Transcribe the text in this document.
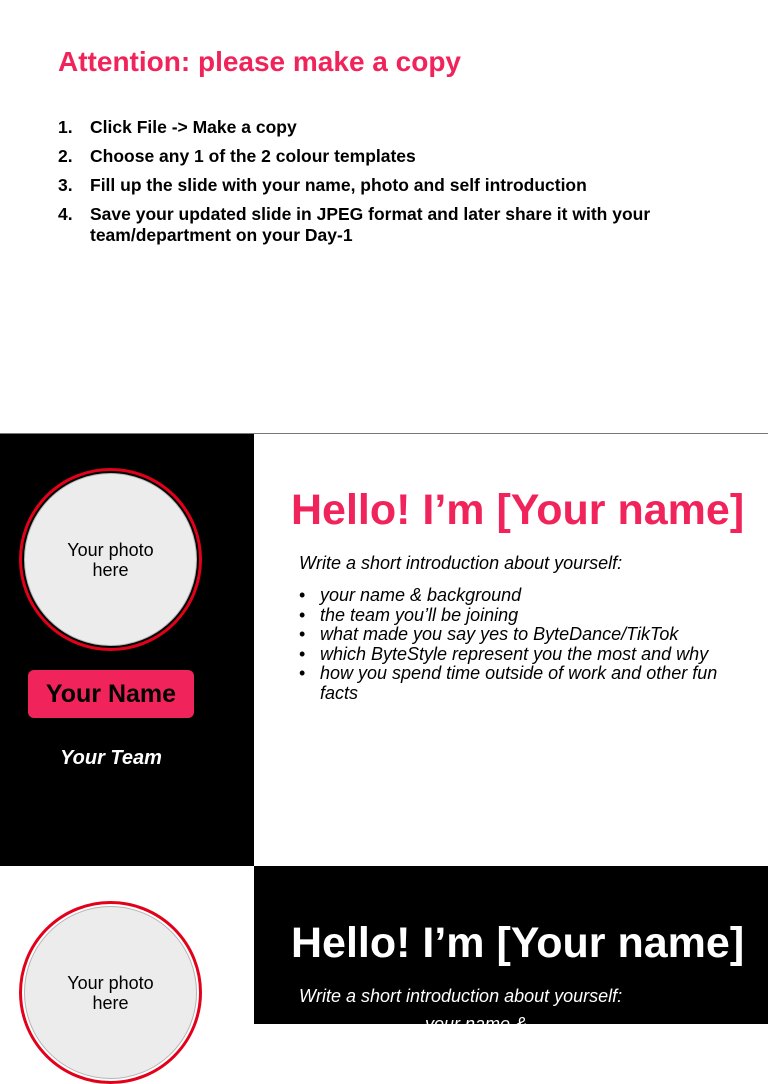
Attention: please make a copy
1. Click File -> Make a copy
2. Choose any 1 of the 2 colour templates
3. Fill up the slide with your name, photo and self introduction
4. Save your updated slide in JPEG format and later share it with your team/department on your Day-1
Your photo here
Your Name
Your Team
Hello! I’m [Your name]

Write a short introduction about yourself:

• your name & background
• the team you’ll be joining
• what made you say yes to ByteDance/TikTok
• which ByteStyle represent you the most and why
• how you spend time outside of work and other fun facts
Your photo here
Hello! I’m [Your name]

Write a short introduction about yourself:

your name & background
